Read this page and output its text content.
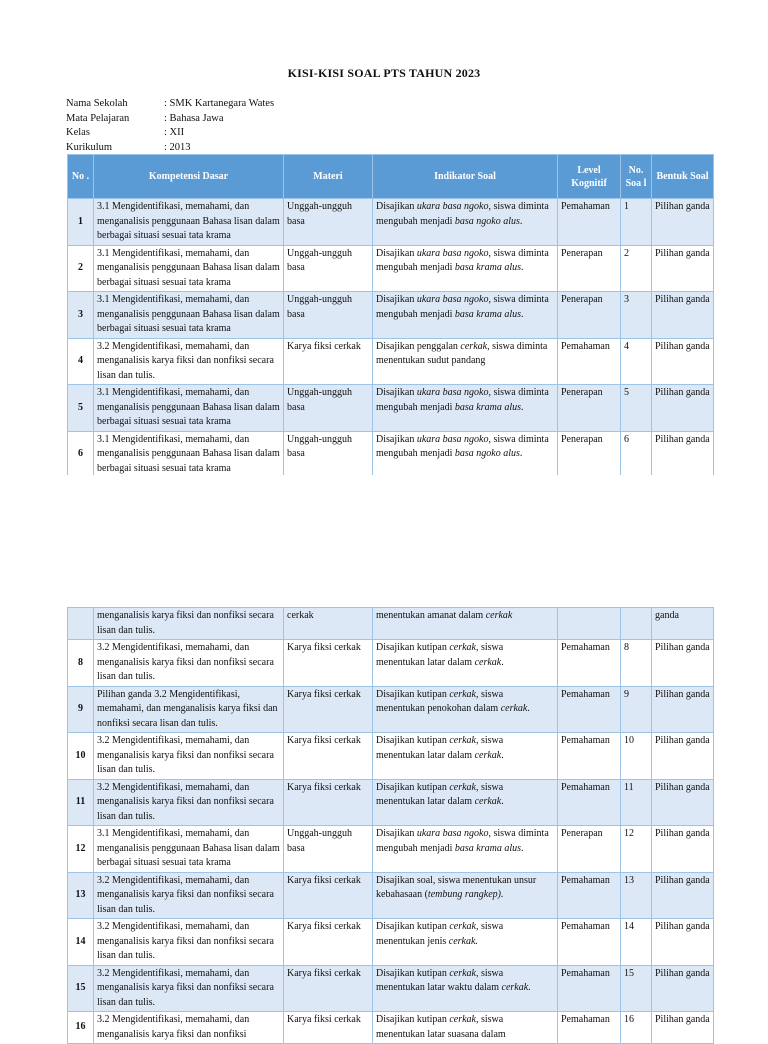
KISI-KISI SOAL PTS TAHUN 2023
Nama Sekolah	: SMK Kartanegara Wates
Mata Pelajaran	: Bahasa Jawa
Kelas	: XII
Kurikulum	: 2013
No .	Kompetensi Dasar	Materi	Indikator Soal	Level Kognitif	No. Soa l	Bentuk Soal
1	3.1 Mengidentifikasi, memahami, dan menganalisis penggunaan Bahasa lisan dalam berbagai situasi sesuai tata krama	Unggah-ungguh basa	Disajikan ukara basa ngoko, siswa diminta mengubah menjadi basa ngoko alus.	Pemahaman	1	Pilihan ganda

2	3.1 Mengidentifikasi, memahami, dan menganalisis penggunaan Bahasa lisan dalam berbagai situasi sesuai tata krama	Unggah-ungguh basa	Disajikan ukara basa ngoko, siswa diminta mengubah menjadi basa krama alus.	Penerapan	2	Pilihan ganda

3	3.1 Mengidentifikasi, memahami, dan menganalisis penggunaan Bahasa lisan dalam berbagai situasi sesuai tata krama	Unggah-ungguh basa	Disajikan ukara basa ngoko, siswa diminta mengubah menjadi basa krama alus.	Penerapan	3	Pilihan ganda

4	3.2 Mengidentifikasi, memahami, dan menganalisis karya fiksi dan nonfiksi secara lisan dan tulis.	Karya fiksi cerkak	Disajikan penggalan cerkak, siswa diminta menentukan sudut pandang	Pemahaman	4	Pilihan ganda

5	3.1 Mengidentifikasi, memahami, dan menganalisis penggunaan Bahasa lisan dalam berbagai situasi sesuai tata krama	Unggah-ungguh basa	Disajikan ukara basa ngoko, siswa diminta mengubah menjadi basa krama alus.	Penerapan	5	Pilihan ganda

6	3.1 Mengidentifikasi, memahami, dan menganalisis penggunaan Bahasa lisan dalam berbagai situasi sesuai tata krama	Unggah-ungguh basa	Disajikan ukara basa ngoko, siswa diminta mengubah menjadi basa ngoko alus.	Penerapan	6	Pilihan ganda

	menganalisis karya fiksi dan nonfiksi secara lisan dan tulis.	cerkak	menentukan amanat dalam cerkak			ganda

8	3.2 Mengidentifikasi, memahami, dan menganalisis karya fiksi dan nonfiksi secara lisan dan tulis.	Karya fiksi cerkak	Disajikan kutipan cerkak, siswa menentukan latar dalam cerkak.	Pemahaman	8	Pilihan ganda

9	Pilihan ganda 3.2 Mengidentifikasi, memahami, dan menganalisis karya fiksi dan nonfiksi secara lisan dan tulis.	Karya fiksi cerkak	Disajikan kutipan cerkak, siswa menentukan penokohan dalam cerkak.	Pemahaman	9	Pilihan ganda

10	3.2 Mengidentifikasi, memahami, dan menganalisis karya fiksi dan nonfiksi secara lisan dan tulis.	Karya fiksi cerkak	Disajikan kutipan cerkak, siswa menentukan latar dalam cerkak.	Pemahaman	10	Pilihan ganda

11	3.2 Mengidentifikasi, memahami, dan menganalisis karya fiksi dan nonfiksi secara lisan dan tulis.	Karya fiksi cerkak	Disajikan kutipan cerkak, siswa menentukan latar dalam cerkak.	Pemahaman	11	Pilihan ganda

12	3.1 Mengidentifikasi, memahami, dan menganalisis penggunaan Bahasa lisan dalam berbagai situasi sesuai tata krama	Unggah-ungguh basa	Disajikan ukara basa ngoko, siswa diminta mengubah menjadi basa krama alus.	Penerapan	12	Pilihan ganda

13	3.2 Mengidentifikasi, memahami, dan menganalisis karya fiksi dan nonfiksi secara lisan dan tulis.	Karya fiksi cerkak	Disajikan soal, siswa menentukan unsur kebahasaan (tembung rangkep).	Pemahaman	13	Pilihan ganda

14	3.2 Mengidentifikasi, memahami, dan menganalisis karya fiksi dan nonfiksi secara lisan dan tulis.	Karya fiksi cerkak	Disajikan kutipan cerkak, siswa menentukan jenis cerkak.	Pemahaman	14	Pilihan ganda

15	3.2 Mengidentifikasi, memahami, dan menganalisis karya fiksi dan nonfiksi secara lisan dan tulis.	Karya fiksi cerkak	Disajikan kutipan cerkak, siswa menentukan latar waktu dalam cerkak.	Pemahaman	15	Pilihan ganda

16	3.2 Mengidentifikasi, memahami, dan menganalisis karya fiksi dan nonfiksi	Karya fiksi cerkak	Disajikan kutipan cerkak, siswa menentukan latar suasana dalam	Pemahaman	16	Pilihan ganda
